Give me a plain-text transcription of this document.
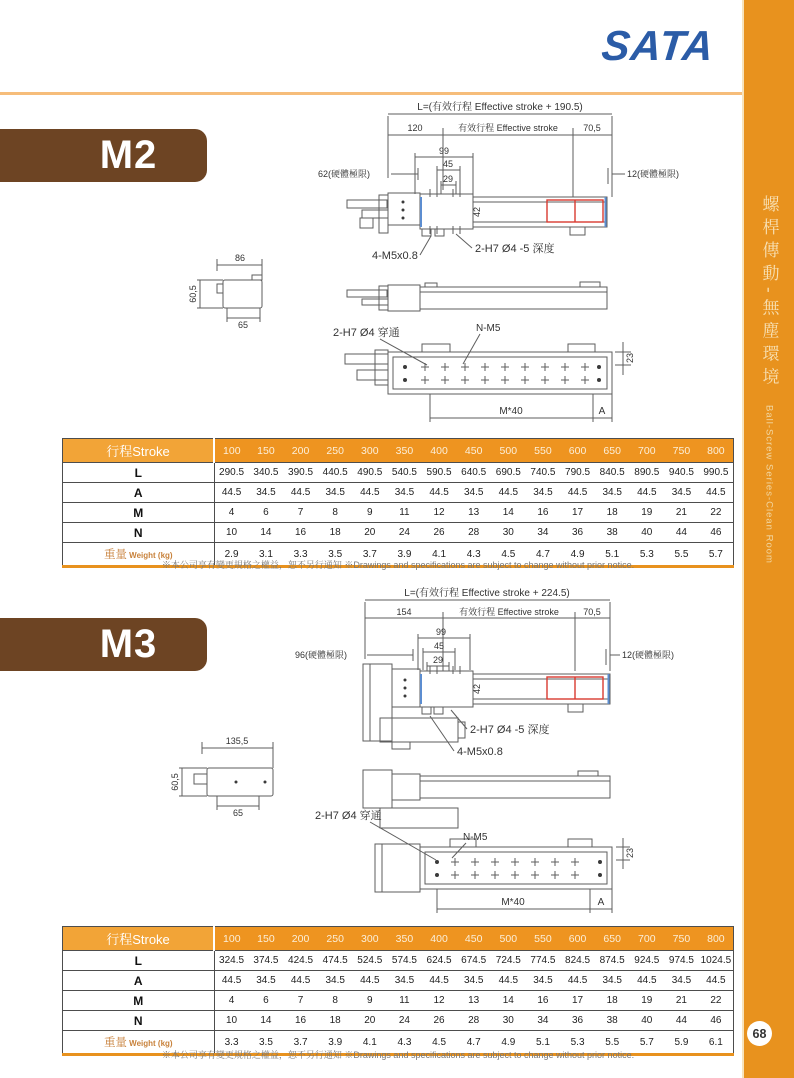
SATA
螺桿傳動-無塵環境
Ball-Screw Series-Clean Room
68
M2
M3
L=(有效行程 Effective stroke + 190.5)
120	有效行程 Effective stroke	70,5
99
45
29
62(硬體極限)	12(硬體極限)
42
4-M5x0.8
2-H7 Ø4 -5 深度
86
60,5
65
2-H7 Ø4 穿通	N-M5
23
M*40	A
L=(有效行程 Effective stroke + 224.5)
154	有效行程 Effective stroke	70,5
99
45
29
96(硬體極限)	12(硬體極限)
42
2-H7 Ø4 -5 深度
4-M5x0.8
135,5
60,5
65	2-H7 Ø4 穿通
N-M5
23
M*40	A
行程Stroke	100	150	200	250	300	350	400	450	500	550	600	650	700	750	800
L	290.5	340.5	390.5	440.5	490.5	540.5	590.5	640.5	690.5	740.5	790.5	840.5	890.5	940.5	990.5
A	44.5	34.5	44.5	34.5	44.5	34.5	44.5	34.5	44.5	34.5	44.5	34.5	44.5	34.5	44.5
M	4	6	7	8	9	11	12	13	14	16	17	18	19	21	22
N	10	14	16	18	20	24	26	28	30	34	36	38	40	44	46
重量 Weight (kg)	2.9	3.1	3.3	3.5	3.7	3.9	4.1	4.3	4.5	4.7	4.9	5.1	5.3	5.5	5.7
※本公司享有變更規格之權益，恕不另行通知 ※Drawings and specifications are subject to change without prior notice.
行程Stroke	100	150	200	250	300	350	400	450	500	550	600	650	700	750	800
L	324.5	374.5	424.5	474.5	524.5	574.5	624.5	674.5	724.5	774.5	824.5	874.5	924.5	974.5	1024.5
A	44.5	34.5	44.5	34.5	44.5	34.5	44.5	34.5	44.5	34.5	44.5	34.5	44.5	34.5	44.5
M	4	6	7	8	9	11	12	13	14	16	17	18	19	21	22
N	10	14	16	18	20	24	26	28	30	34	36	38	40	44	46
重量 Weight (kg)	3.3	3.5	3.7	3.9	4.1	4.3	4.5	4.7	4.9	5.1	5.3	5.5	5.7	5.9	6.1
※本公司享有變更規格之權益，恕不另行通知 ※Drawings and specifications are subject to change without prior notice.
